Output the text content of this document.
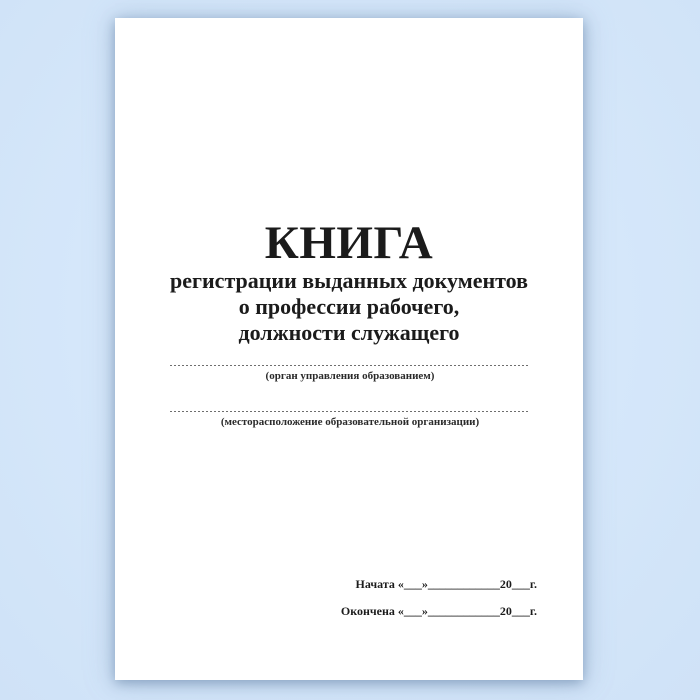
КНИГА
регистрации выданных документов
о профессии рабочего,
должности служащего
(орган управления образованием)
(месторасположение образовательной организации)
Начата «___»____________20___г.
Окончена «___»____________20___г.
